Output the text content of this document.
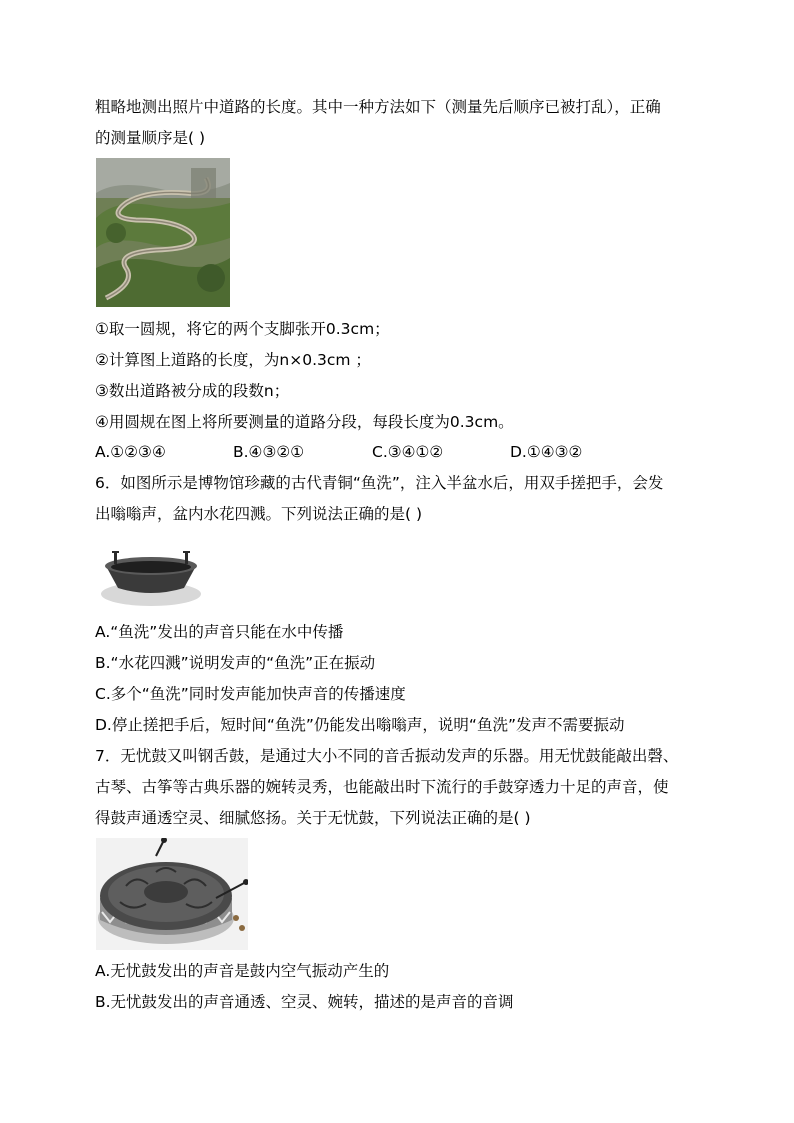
粗略地测出照片中道路的长度。其中一种方法如下（测量先后顺序已被打乱），正确
的测量顺序是( )
①取一圆规，将它的两个支脚张开0.3cm；
②计算图上道路的长度，为n×0.3cm ；
③数出道路被分成的段数n；
④用圆规在图上将所要测量的道路分段，每段长度为0.3cm。
A.①②③④	B.④③②①	C.③④①②	D.①④③②
6．如图所示是博物馆珍藏的古代青铜“鱼洗”，注入半盆水后，用双手搓把手，会发
出嗡嗡声，盆内水花四溅。下列说法正确的是( )
A.“鱼洗”发出的声音只能在水中传播
B.“水花四溅”说明发声的“鱼洗”正在振动
C.多个“鱼洗”同时发声能加快声音的传播速度
D.停止搓把手后，短时间“鱼洗”仍能发出嗡嗡声，说明“鱼洗”发声不需要振动
7．无忧鼓又叫钢舌鼓，是通过大小不同的音舌振动发声的乐器。用无忧鼓能敲出磬、
古琴、古筝等古典乐器的婉转灵秀，也能敲出时下流行的手鼓穿透力十足的声音，使
得鼓声通透空灵、细腻悠扬。关于无忧鼓，下列说法正确的是( )
A.无忧鼓发出的声音是鼓内空气振动产生的
B.无忧鼓发出的声音通透、空灵、婉转，描述的是声音的音调
